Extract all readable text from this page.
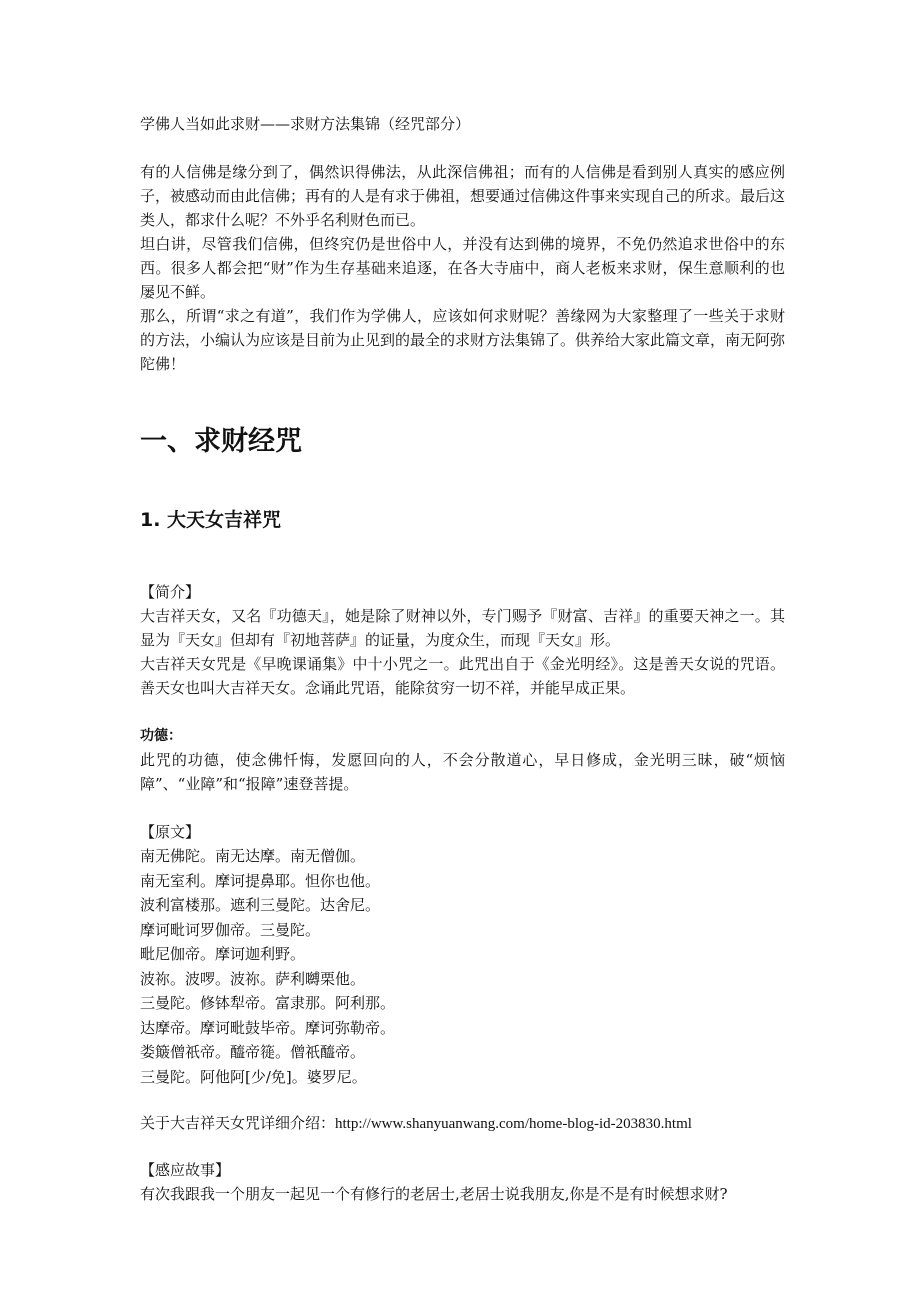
学佛人当如此求财——求财方法集锦（经咒部分）

有的人信佛是缘分到了，偶然识得佛法，从此深信佛祖；而有的人信佛是看到别人真实的感应例子，被感动而由此信佛；再有的人是有求于佛祖，想要通过信佛这件事来实现自己的所求。最后这类人，都求什么呢？不外乎名利财色而已。

坦白讲，尽管我们信佛，但终究仍是世俗中人，并没有达到佛的境界，不免仍然追求世俗中的东西。很多人都会把“财”作为生存基础来追逐，在各大寺庙中，商人老板来求财，保生意顺利的也屡见不鲜。

那么，所谓“求之有道”，我们作为学佛人，应该如何求财呢？善缘网为大家整理了一些关于求财的方法，小编认为应该是目前为止见到的最全的求财方法集锦了。供养给大家此篇文章，南无阿弥陀佛！

一、求财经咒
1. 大天女吉祥咒

【简介】

大吉祥天女，又名『功德天』，她是除了财神以外，专门赐予『财富、吉祥』的重要天神之一。其显为『天女』但却有『初地菩萨』的证量，为度众生，而现『天女』形。

大吉祥天女咒是《早晚课诵集》中十小咒之一。此咒出自于《金光明经》。这是善天女说的咒语。善天女也叫大吉祥天女。念诵此咒语，能除贫穷一切不祥，并能早成正果。

功德：

此咒的功德，使念佛忏悔，发愿回向的人，不会分散道心，早日修成，金光明三昧，破“烦恼障”、“业障”和“报障”速登菩提。

【原文】

南无佛陀。南无达摩。南无僧伽。

南无室利。摩诃提鼻耶。怛你也他。

波利富楼那。遮利三曼陀。达舍尼。

摩诃毗诃罗伽帝。三曼陀。

毗尼伽帝。摩诃迦利野。

波祢。波啰。波祢。萨利嚩栗他。

三曼陀。修钵犁帝。富隶那。阿利那。

达摩帝。摩诃毗鼓毕帝。摩诃弥勒帝。

娄簸僧祇帝。醯帝簁。僧祇醯帝。

三曼陀。阿他阿[少/免]。婆罗尼。

关于大吉祥天女咒详细介绍：http://www.shanyuanwang.com/home-blog-id-203830.html

【感应故事】

有次我跟我一个朋友一起见一个有修行的老居士,老居士说我朋友,你是不是有时候想求财?
